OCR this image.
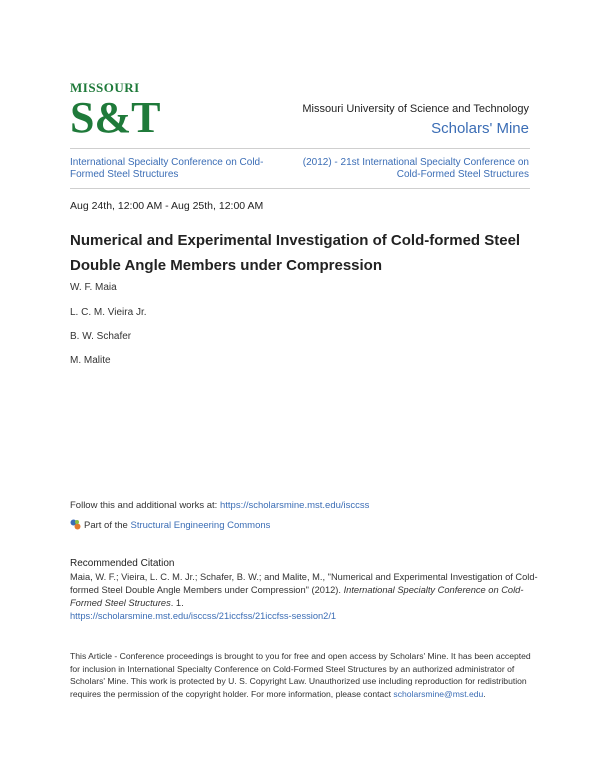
MISSOURI
S&T	Missouri University of Science and Technology
Scholars' Mine
International Specialty Conference on Cold-Formed Steel Structures
(2012) - 21st International Specialty Conference on Cold-Formed Steel Structures
Aug 24th, 12:00 AM - Aug 25th, 12:00 AM
Numerical and Experimental Investigation of Cold-formed Steel Double Angle Members under Compression
W. F. Maia
L. C. M. Vieira Jr.
B. W. Schafer
M. Malite
Follow this and additional works at: https://scholarsmine.mst.edu/isccss
Part of the Structural Engineering Commons
Recommended Citation
Maia, W. F.; Vieira, L. C. M. Jr.; Schafer, B. W.; and Malite, M., "Numerical and Experimental Investigation of Cold-formed Steel Double Angle Members under Compression" (2012). International Specialty Conference on Cold-Formed Steel Structures. 1.
https://scholarsmine.mst.edu/isccss/21iccfss/21iccfss-session2/1
This Article - Conference proceedings is brought to you for free and open access by Scholars' Mine. It has been accepted for inclusion in International Specialty Conference on Cold-Formed Steel Structures by an authorized administrator of Scholars' Mine. This work is protected by U. S. Copyright Law. Unauthorized use including reproduction for redistribution requires the permission of the copyright holder. For more information, please contact scholarsmine@mst.edu.
